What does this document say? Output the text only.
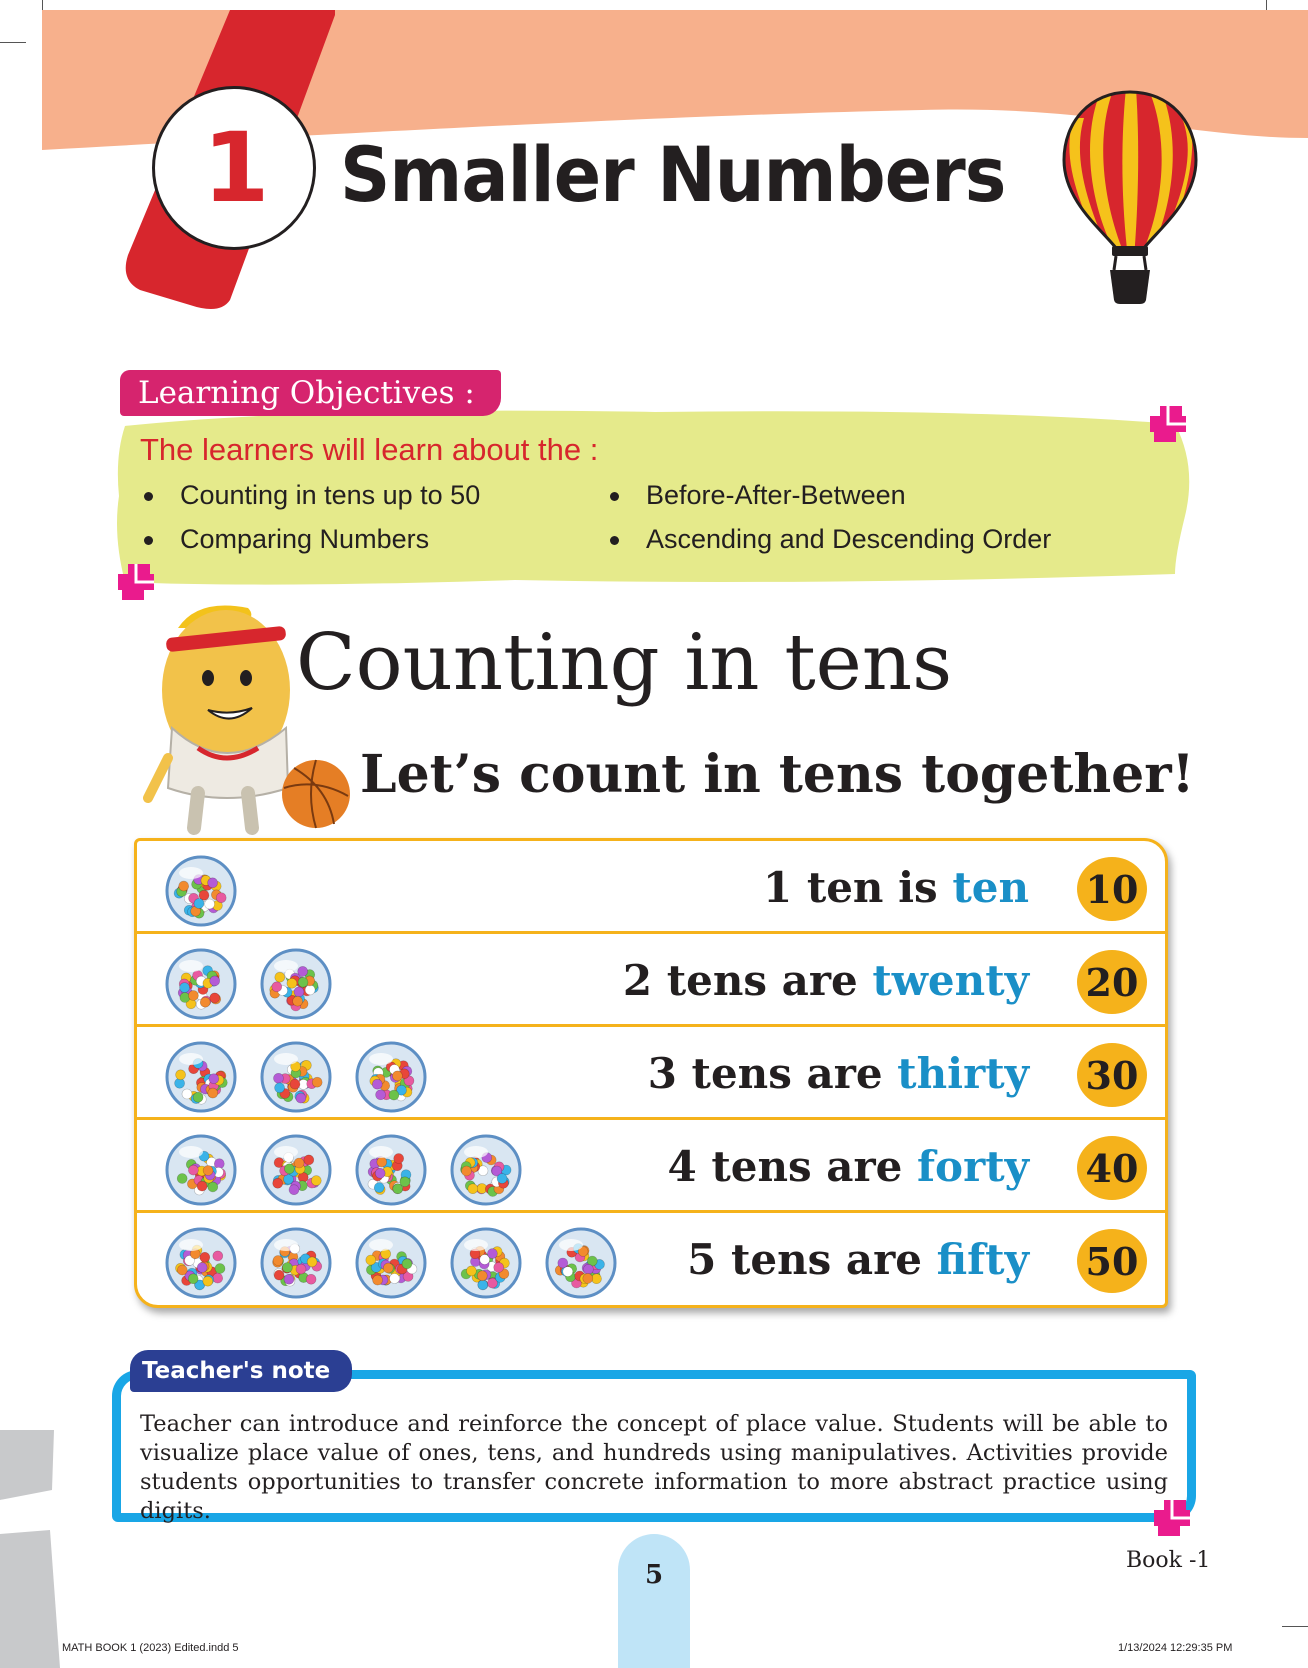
1 Smaller Numbers
Learning Objectives :
The learners will learn about the :
Counting in tens up to 50	Before-After-Between
Comparing Numbers	Ascending and Descending Order
Counting in tens
Let’s count in tens together!
1 ten is ten 10
2 tens are twenty 20
3 tens are thirty 30
4 tens are forty 40
5 tens are fifty 50
Teacher's note
Teacher can introduce and reinforce the concept of place value. Students will be able to visualize place value of ones, tens, and hundreds using manipulatives. Activities provide students opportunities to transfer concrete information to more abstract practice using digits.
5	Book -1
MATH BOOK 1 (2023) Edited.indd 5	1/13/2024 12:29:35 PM
